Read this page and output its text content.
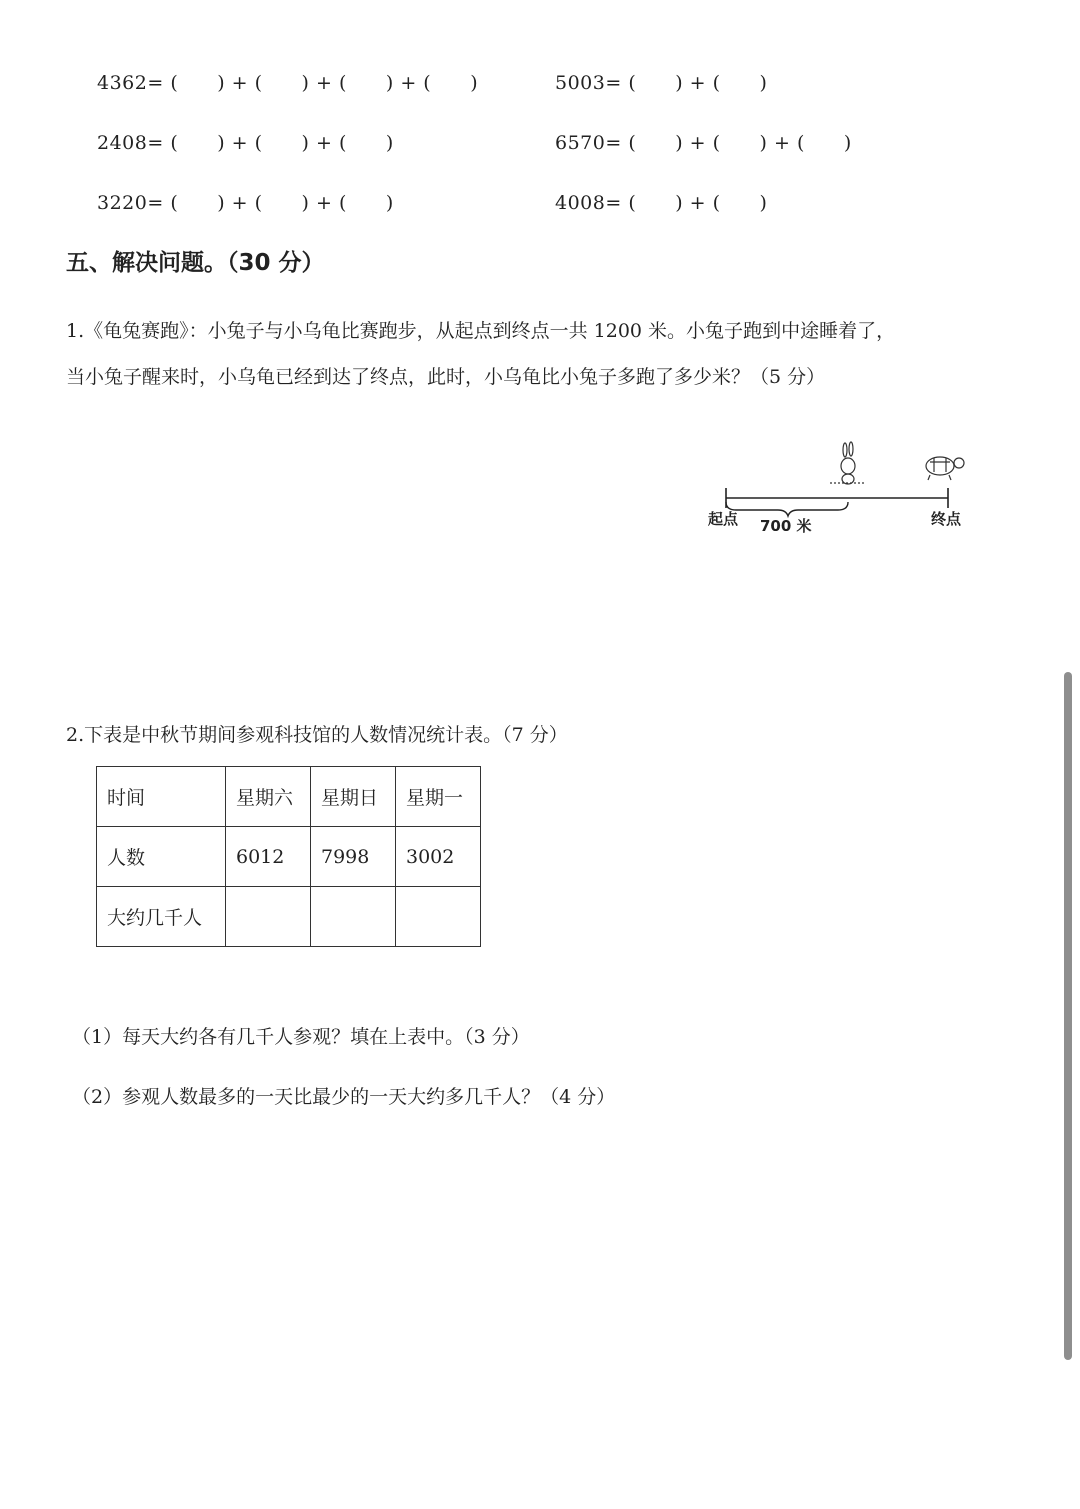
4362= (　　) + (　　) + (　　) + (　　)
2408= (　　) + (　　) + (　　)
3220= (　　) + (　　) + (　　)
5003= (　　) + (　　)
6570= (　　) + (　　) + (　　)
4008= (　　) + (　　)
五、解决问题。（30 分）
1.《龟兔赛跑》：小兔子与小乌龟比赛跑步，从起点到终点一共 1200 米。小兔子跑到中途睡着了，
当小兔子醒来时，小乌龟已经到达了终点，此时，小乌龟比小兔子多跑了多少米？（5 分）
起点 700 米	终点
2.下表是中秋节期间参观科技馆的人数情况统计表。（7 分）
时间	星期六	星期日	星期一
人数	6012	7998	3002
大约几千人			
（1）每天大约各有几千人参观？填在上表中。（3 分）
（2）参观人数最多的一天比最少的一天大约多几千人？（4 分）
